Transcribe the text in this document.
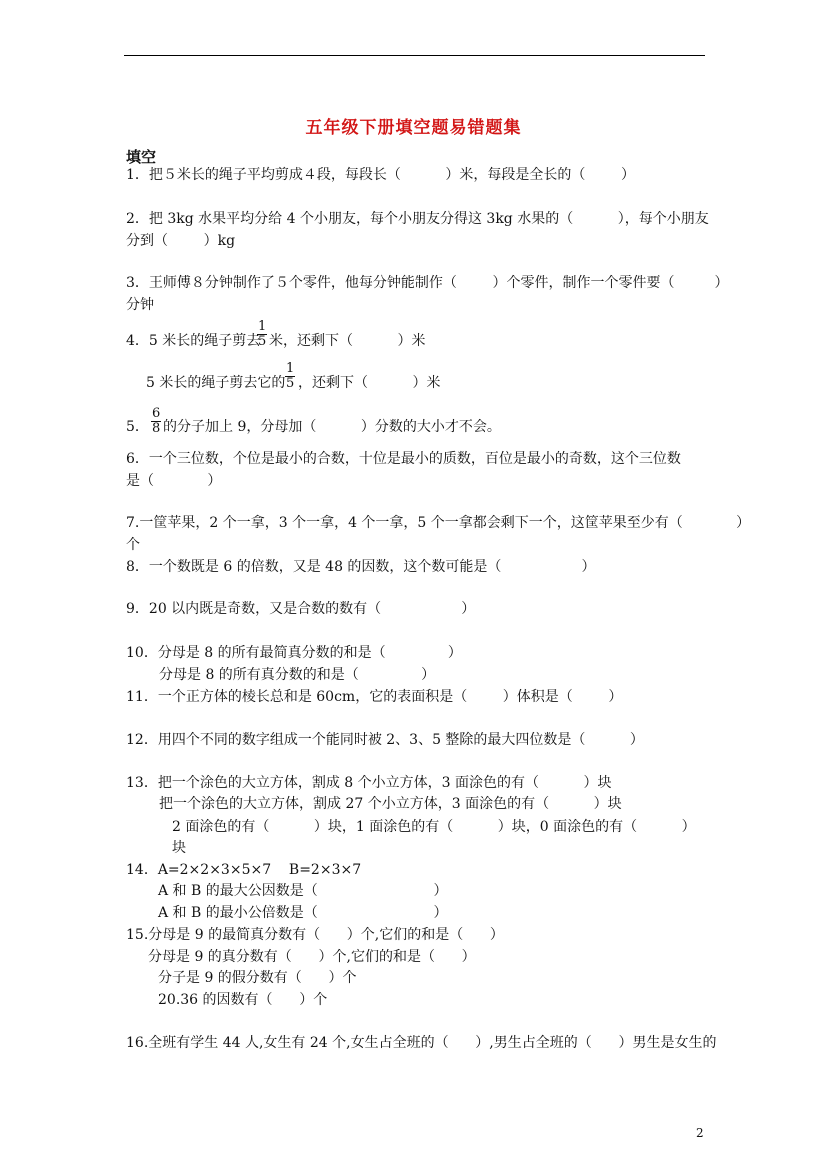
五年级下册填空题易错题集
填空
1．把５米长的绳子平均剪成４段，每段长（          ）米，每段是全长的（        ）
2．把 3kg 水果平均分给 4 个小朋友，每个小朋友分得这 3kg 水果的（          ），每个小朋友
分到（        ）kg
3．王师傅８分钟制作了５个零件，他每分钟能制作（        ）个零件，制作一个零件要（         ）
分钟
4．5 米长的绳子剪去
$\frac{1}{5}$ 米，还剩下（          ）米
5 米长的绳子剪去它的 $\frac{1}{5}$ ，还剩下（          ）米
5． $\frac{6}{8}$ 的分子加上 9，分母加（          ）分数的大小才不会。
6．一个三位数，个位是最小的合数，十位是最小的质数，百位是最小的奇数，这个三位数
是（            ）
7.一筐苹果，2 个一拿，3 个一拿，4 个一拿，5 个一拿都会剩下一个，这筐苹果至少有（            ）
个
8．一个数既是 6 的倍数，又是 48 的因数，这个数可能是（                  ）
9．20 以内既是奇数，又是合数的数有（                  ）
10．分母是 8 的所有最简真分数的和是（              ）
分母是 8 的所有真分数的和是（              ）
11．一个正方体的棱长总和是 60cm，它的表面积是（        ）体积是（        ）
12．用四个不同的数字组成一个能同时被 2、3、5 整除的最大四位数是（          ）
13．把一个涂色的大立方体，割成 8 个小立方体，3 面涂色的有（          ）块
把一个涂色的大立方体，割成 27 个小立方体，3 面涂色的有（          ）块
2 面涂色的有（          ）块，1 面涂色的有（          ）块，0 面涂色的有（          ）
块
14．A=2×2×3×5×7    B=2×3×7
A 和 B 的最大公因数是（                          ）
A 和 B 的最小公倍数是（                          ）
15.分母是 9 的最简真分数有（      ）个,它们的和是（      ）
分母是 9 的真分数有（      ）个,它们的和是（      ）
分子是 9 的假分数有（      ）个
20.36 的因数有（      ）个
16.全班有学生 44 人,女生有 24 个,女生占全班的（      ）,男生占全班的（      ）男生是女生的
2
